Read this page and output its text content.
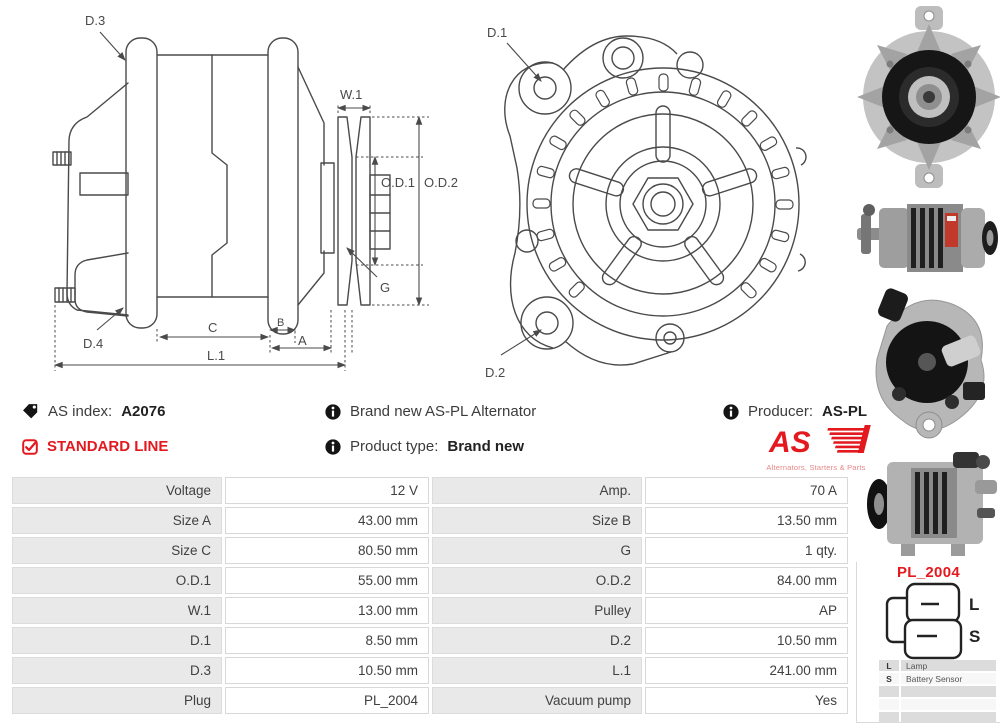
D.3
W.1
O.D.1 O.D.2
G
D.4
C	B
A
L.1
D.1
D.2
AS index: A2076
STANDARD LINE
Brand new AS-PL Alternator
Product type: Brand new
Producer: AS-PL
AS
Alternators, Starters & Parts
Voltage	12 V	Amp.	70 A
Size A	43.00 mm	Size B	13.50 mm
Size C	80.50 mm	G	1 qty.
O.D.1	55.00 mm	O.D.2	84.00 mm
W.1	13.00 mm	Pulley	AP
D.1	8.50 mm	D.2	10.50 mm
D.3	10.50 mm	L.1	241.00 mm
Plug	PL_2004	Vacuum pump	Yes
PL_2004
L
S
L	Lamp
S	Battery Sensor
